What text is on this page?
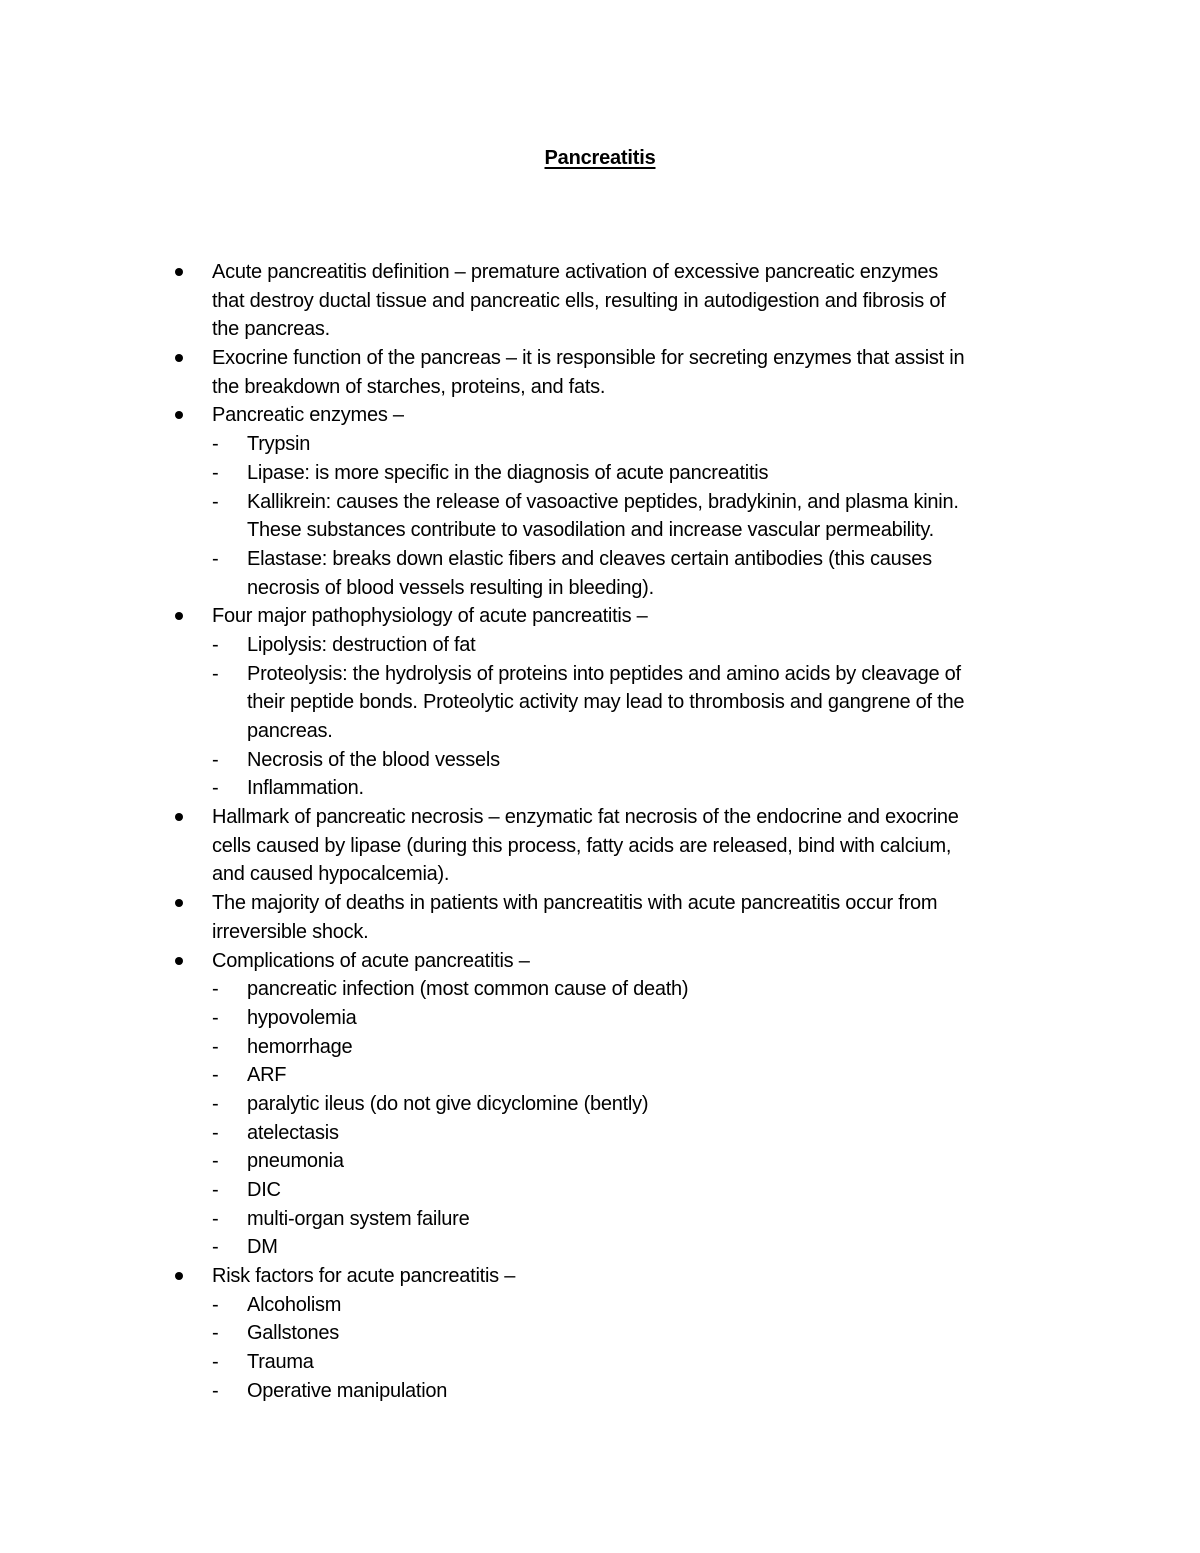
Pancreatitis
Acute pancreatitis definition – premature activation of excessive pancreatic enzymes
that destroy ductal tissue and pancreatic ells, resulting in autodigestion and fibrosis of
the pancreas.
Exocrine function of the pancreas – it is responsible for secreting enzymes that assist in
the breakdown of starches, proteins, and fats.
Pancreatic enzymes –
- Trypsin
- Lipase: is more specific in the diagnosis of acute pancreatitis
- Kallikrein: causes the release of vasoactive peptides, bradykinin, and plasma kinin.
These substances contribute to vasodilation and increase vascular permeability.
- Elastase: breaks down elastic fibers and cleaves certain antibodies (this causes
necrosis of blood vessels resulting in bleeding).
Four major pathophysiology of acute pancreatitis –
- Lipolysis: destruction of fat
- Proteolysis: the hydrolysis of proteins into peptides and amino acids by cleavage of
their peptide bonds. Proteolytic activity may lead to thrombosis and gangrene of the
pancreas.
- Necrosis of the blood vessels
- Inflammation.
Hallmark of pancreatic necrosis – enzymatic fat necrosis of the endocrine and exocrine
cells caused by lipase (during this process, fatty acids are released, bind with calcium,
and caused hypocalcemia).
The majority of deaths in patients with pancreatitis with acute pancreatitis occur from
irreversible shock.
Complications of acute pancreatitis –
- pancreatic infection (most common cause of death)
- hypovolemia
- hemorrhage
- ARF
- paralytic ileus (do not give dicyclomine (bently)
- atelectasis
- pneumonia
- DIC
- multi-organ system failure
- DM
Risk factors for acute pancreatitis –
- Alcoholism
- Gallstones
- Trauma
- Operative manipulation
